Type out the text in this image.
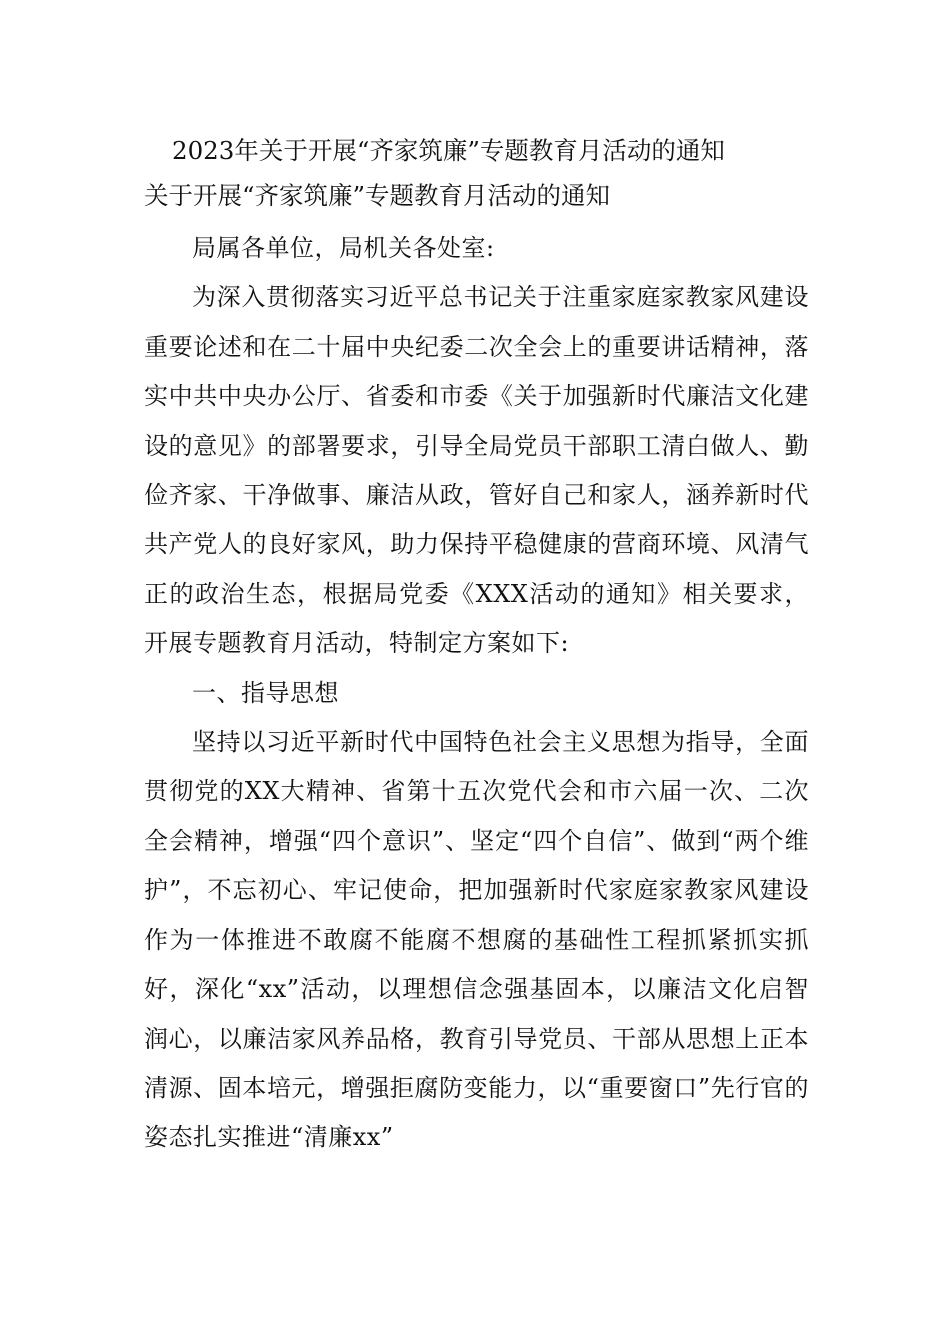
2023年关于开展“齐家筑廉”专题教育月活动的通知
关于开展“齐家筑廉”专题教育月活动的通知

局属各单位，局机关各处室:

为深入贯彻落实习近平总书记关于注重家庭家教家风建设重要论述和在二十届中央纪委二次全会上的重要讲话精神，落实中共中央办公厅、省委和市委《关于加强新时代廉洁文化建设的意见》的部署要求，引导全局党员干部职工清白做人、勤俭齐家、干净做事、廉洁从政，管好自己和家人，涵养新时代共产党人的良好家风，助力保持平稳健康的营商环境、风清气正的政治生态，根据局党委《XXX活动的通知》相关要求，开展专题教育月活动，特制定方案如下:

一、指导思想

坚持以习近平新时代中国特色社会主义思想为指导，全面贯彻党的XX大精神、省第十五次党代会和市六届一次、二次全会精神，增强“四个意识”、坚定“四个自信”、做到“两个维护”，不忘初心、牢记使命，把加强新时代家庭家教家风建设作为一体推进不敢腐不能腐不想腐的基础性工程抓紧抓实抓好，深化“xx”活动，以理想信念强基固本，以廉洁文化启智润心，以廉洁家风养品格，教育引导党员、干部从思想上正本清源、固本培元，增强拒腐防变能力，以“重要窗口”先行官的姿态扎实推进“清廉xx”
